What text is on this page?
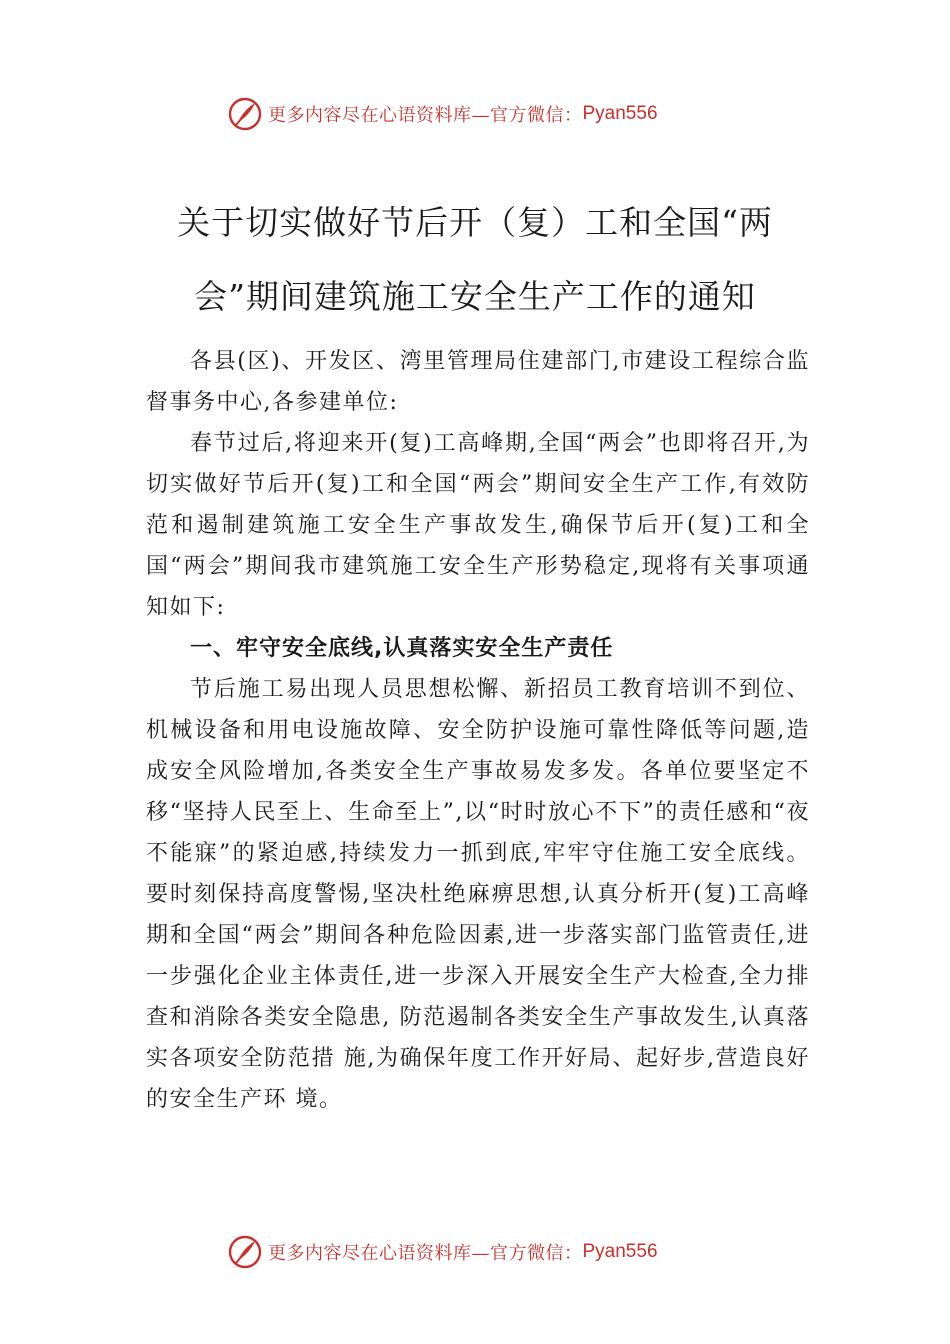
更多内容尽在心语资料库—官方微信： Pyan556
关于切实做好节后开（复）工和全国“两
会”期间建筑施工安全生产工作的通知

各县(区)、开发区、湾里管理局住建部门,市建设工程综合监督事务中心,各参建单位:

春节过后,将迎来开(复)工高峰期,全国“两会”也即将召开,为切实做好节后开(复)工和全国“两会”期间安全生产工作,有效防范和遏制建筑施工安全生产事故发生,确保节后开(复)工和全国“两会”期间我市建筑施工安全生产形势稳定,现将有关事项通知如下:

一、牢守安全底线,认真落实安全生产责任

节后施工易出现人员思想松懈、新招员工教育培训不到位、机械设备和用电设施故障、安全防护设施可靠性降低等问题,造成安全风险增加,各类安全生产事故易发多发。各单位要坚定不移“坚持人民至上、生命至上”,以“时时放心不下”的责任感和“夜不能寐”的紧迫感,持续发力一抓到底,牢牢守住施工安全底线。要时刻保持高度警惕,坚决杜绝麻痹思想,认真分析开(复)工高峰期和全国“两会”期间各种危险因素,进一步落实部门监管责任,进一步强化企业主体责任,进一步深入开展安全生产大检查,全力排查和消除各类安全隐患, 防范遏制各类安全生产事故发生,认真落实各项安全防范措 施,为确保年度工作开好局、起好步,营造良好的安全生产环 境。

更多内容尽在心语资料库—官方微信： Pyan556
